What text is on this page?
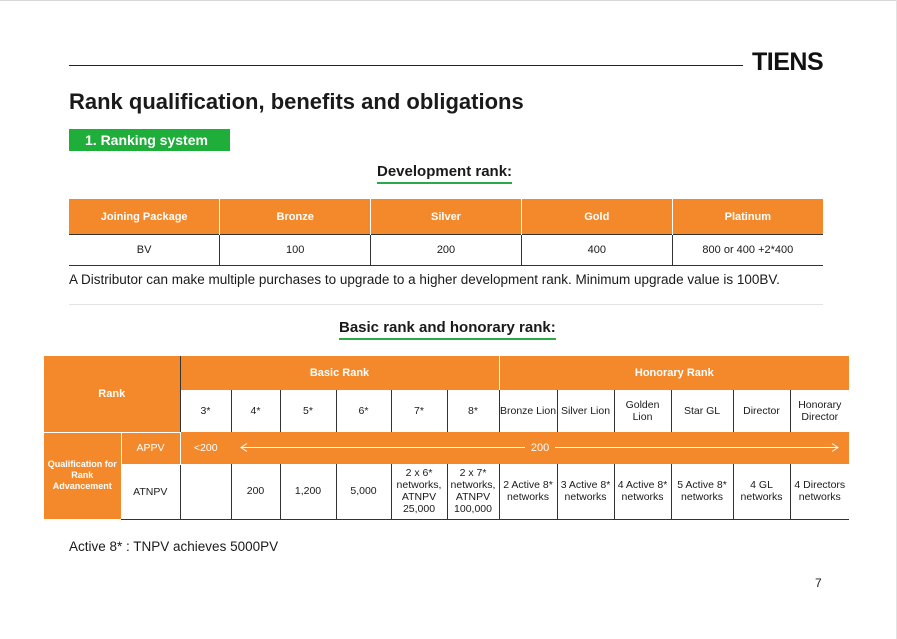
TIENS
Rank qualification, benefits and obligations
1. Ranking system
Development rank:
Joining Package	Bronze	Silver	Gold	Platinum
BV	100	200	400	800 or 400 +2*400
A Distributor can make multiple purchases to upgrade to a higher development rank. Minimum upgrade value is 100BV.
Basic rank and honorary rank:
Rank		Basic Rank						Honorary Rank					
		3*	4*	5*	6*	7*	8*	Bronze Lion	Silver Lion	Golden Lion	Star GL	Director	Honorary Director
Qualification for Rank Advancement	APPV	<200	200										
	ATNPV		200	1,200	5,000	2 x 6* networks, ATNPV 25,000	2 x 7* networks, ATNPV 100,000	2 Active 8* networks	3 Active 8* networks	4 Active 8* networks	5 Active 8* networks	4 GL networks	4 Directors networks
Active 8* : TNPV achieves 5000PV
7
